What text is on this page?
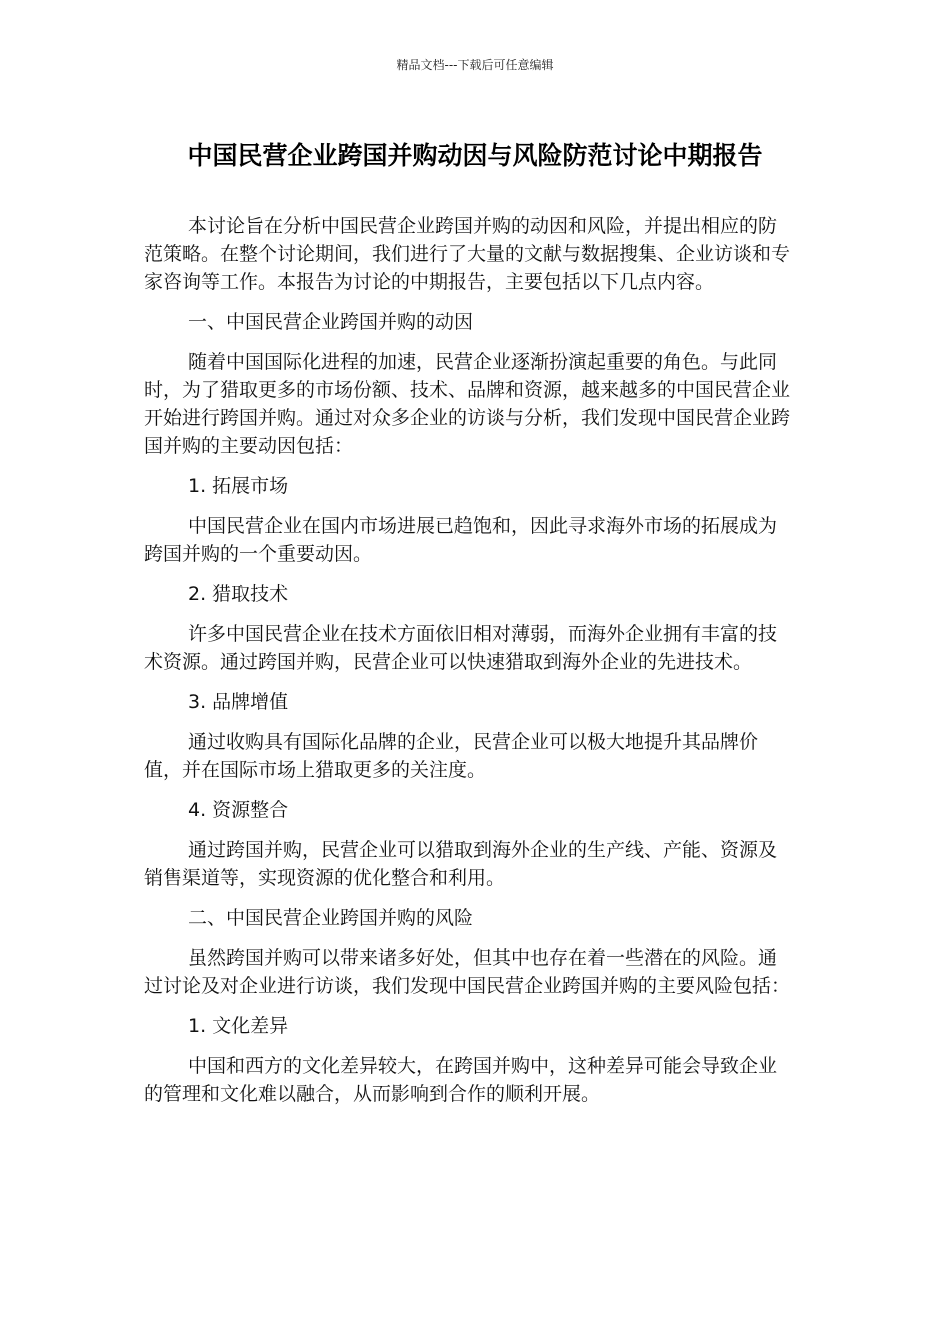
精品文档---下载后可任意编辑
中国民营企业跨国并购动因与风险防范讨论中期报告

本讨论旨在分析中国民营企业跨国并购的动因和风险，并提出相应的防范策略。在整个讨论期间，我们进行了大量的文献与数据搜集、企业访谈和专家咨询等工作。本报告为讨论的中期报告，主要包括以下几点内容。

一、中国民营企业跨国并购的动因

随着中国国际化进程的加速，民营企业逐渐扮演起重要的角色。与此同时，为了猎取更多的市场份额、技术、品牌和资源，越来越多的中国民营企业开始进行跨国并购。通过对众多企业的访谈与分析，我们发现中国民营企业跨国并购的主要动因包括：

1. 拓展市场

中国民营企业在国内市场进展已趋饱和，因此寻求海外市场的拓展成为跨国并购的一个重要动因。

2. 猎取技术

许多中国民营企业在技术方面依旧相对薄弱，而海外企业拥有丰富的技术资源。通过跨国并购，民营企业可以快速猎取到海外企业的先进技术。

3. 品牌增值

通过收购具有国际化品牌的企业，民营企业可以极大地提升其品牌价值，并在国际市场上猎取更多的关注度。

4. 资源整合

通过跨国并购，民营企业可以猎取到海外企业的生产线、产能、资源及销售渠道等，实现资源的优化整合和利用。

二、中国民营企业跨国并购的风险

虽然跨国并购可以带来诸多好处，但其中也存在着一些潜在的风险。通过讨论及对企业进行访谈，我们发现中国民营企业跨国并购的主要风险包括：

1. 文化差异

中国和西方的文化差异较大，在跨国并购中，这种差异可能会导致企业的管理和文化难以融合，从而影响到合作的顺利开展。
